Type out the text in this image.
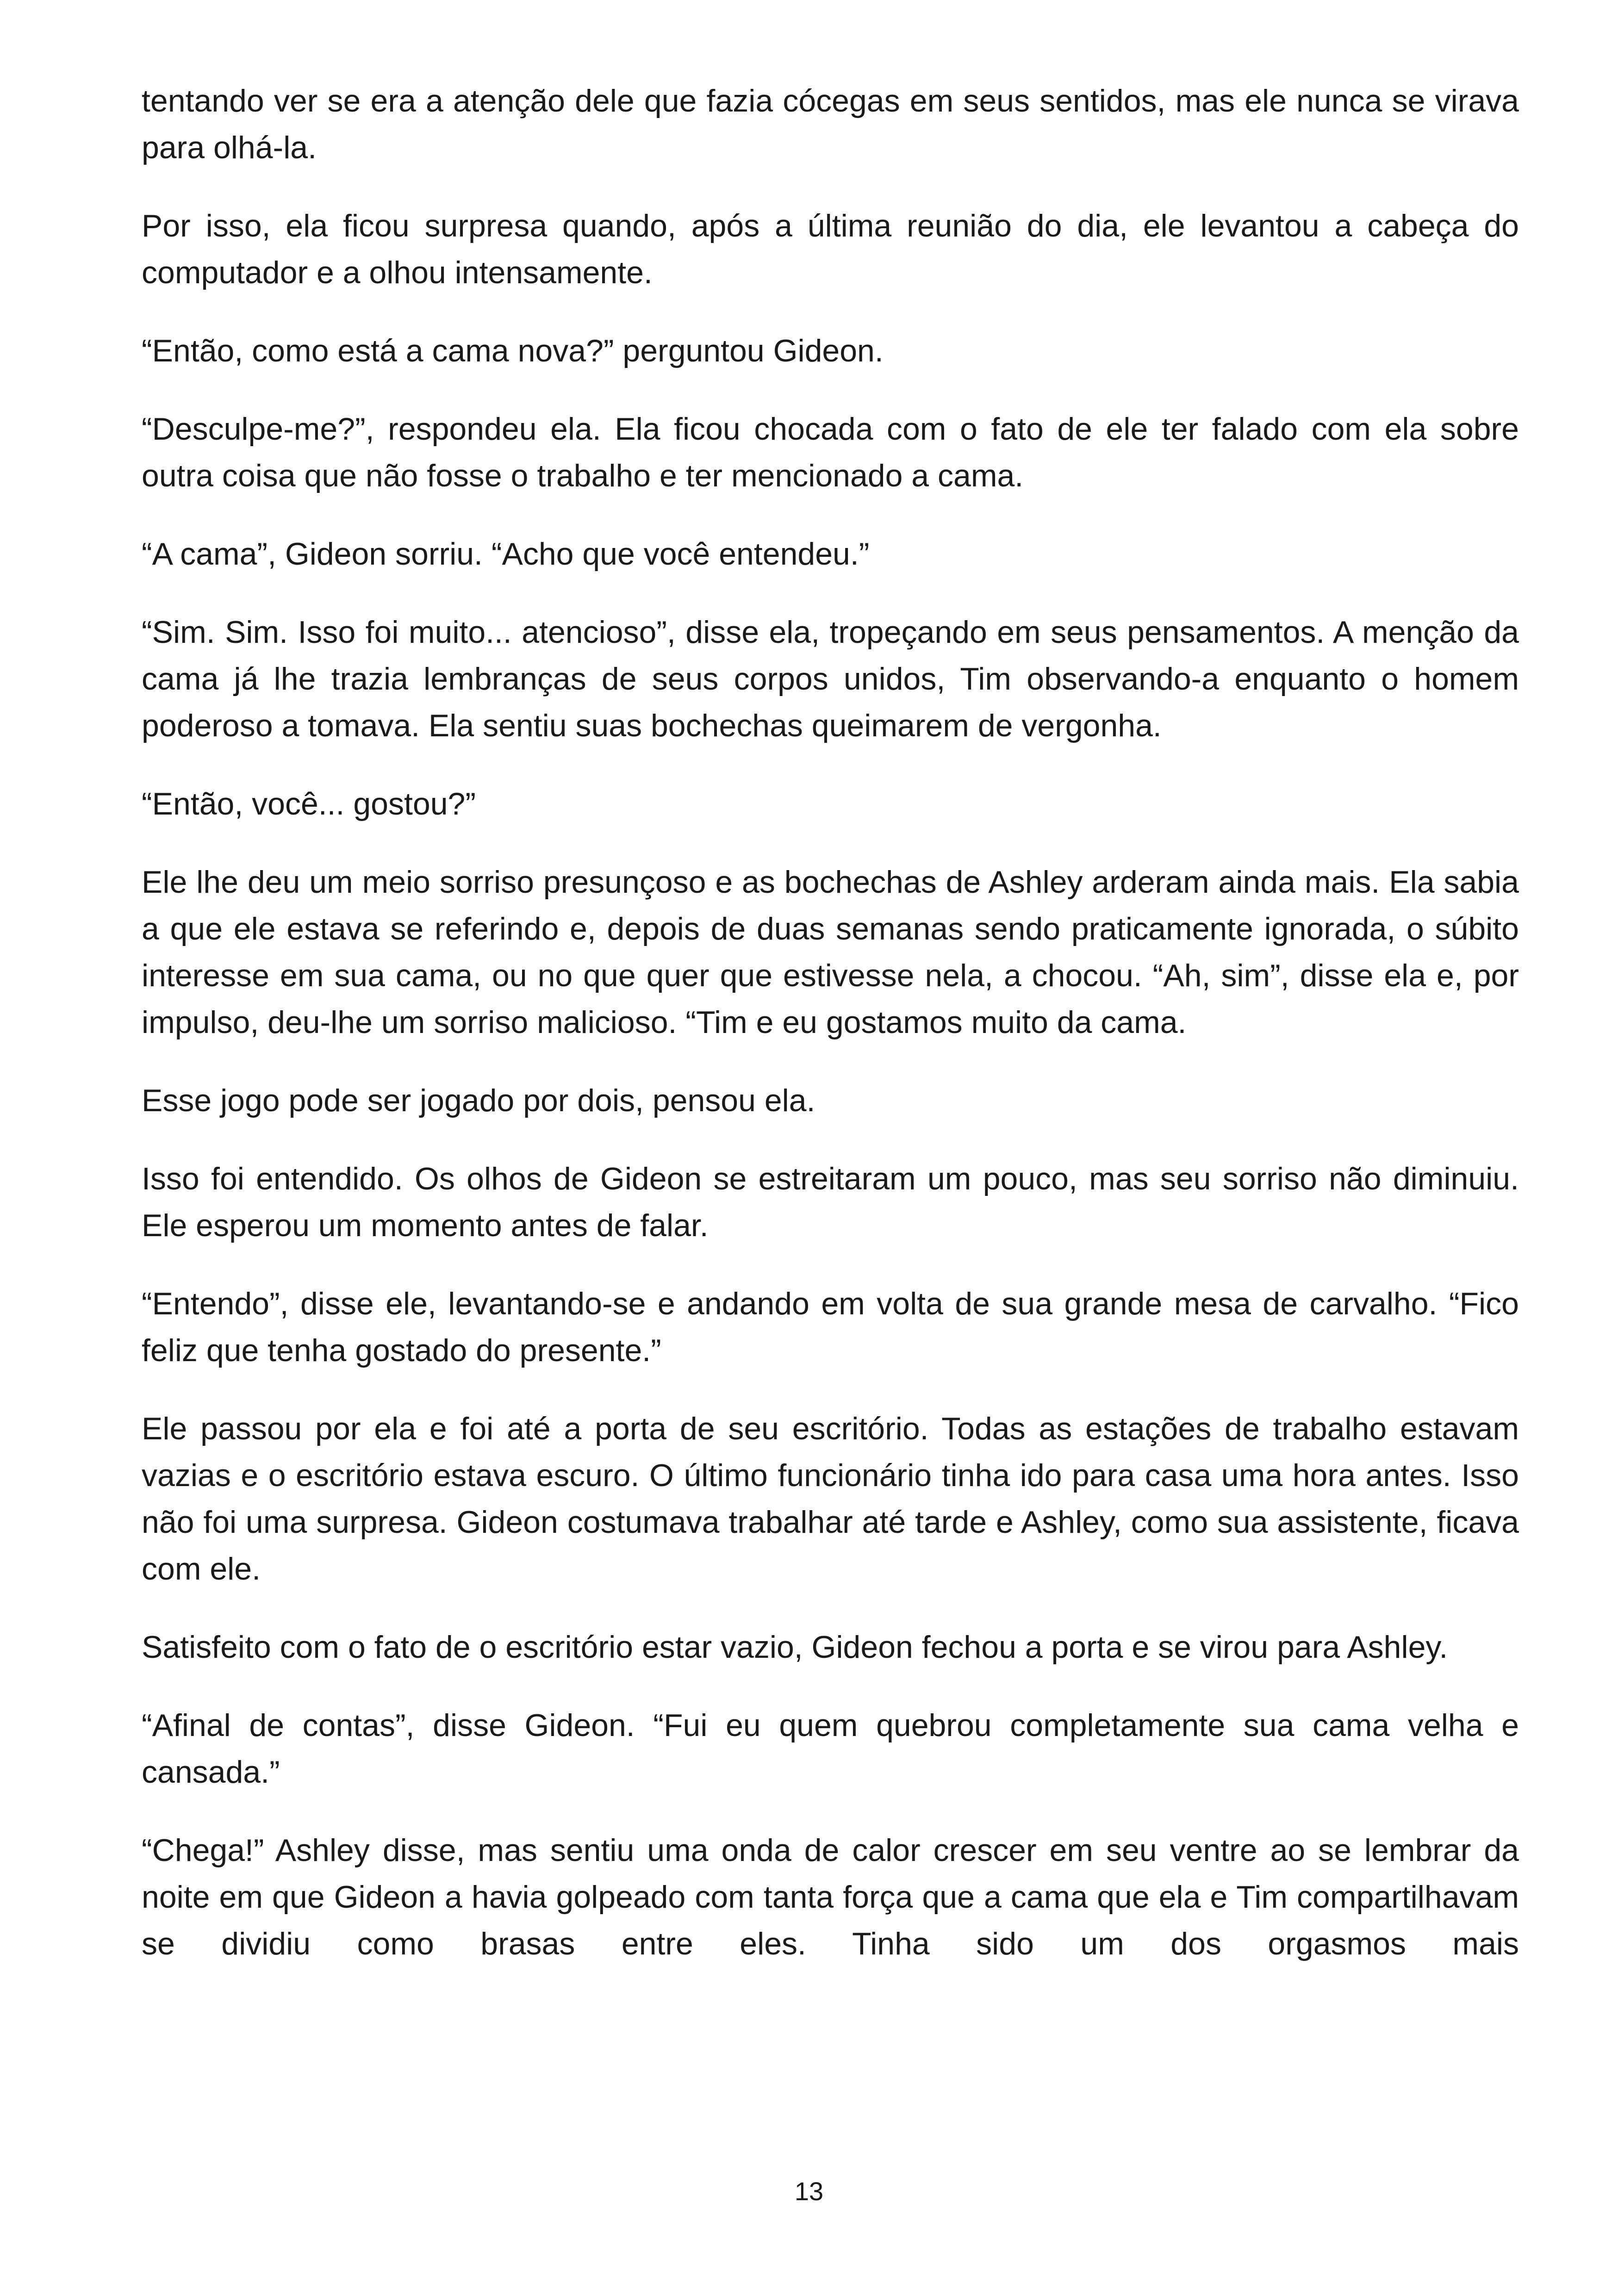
tentando ver se era a atenção dele que fazia cócegas em seus sentidos, mas ele nunca se virava para olhá-la.

Por isso, ela ficou surpresa quando, após a última reunião do dia, ele levantou a cabeça do computador e a olhou intensamente.

“Então, como está a cama nova?” perguntou Gideon.

“Desculpe-me?”, respondeu ela. Ela ficou chocada com o fato de ele ter falado com ela sobre outra coisa que não fosse o trabalho e ter mencionado a cama.

“A cama”, Gideon sorriu. “Acho que você entendeu.”

“Sim. Sim. Isso foi muito... atencioso”, disse ela, tropeçando em seus pensamentos. A menção da cama já lhe trazia lembranças de seus corpos unidos, Tim observando-a enquanto o homem poderoso a tomava. Ela sentiu suas bochechas queimarem de vergonha.

“Então, você... gostou?”

Ele lhe deu um meio sorriso presunçoso e as bochechas de Ashley arderam ainda mais. Ela sabia a que ele estava se referindo e, depois de duas semanas sendo praticamente ignorada, o súbito interesse em sua cama, ou no que quer que estivesse nela, a chocou. “Ah, sim”, disse ela e, por impulso, deu-lhe um sorriso malicioso. “Tim e eu gostamos muito da cama.

Esse jogo pode ser jogado por dois, pensou ela.

Isso foi entendido. Os olhos de Gideon se estreitaram um pouco, mas seu sorriso não diminuiu. Ele esperou um momento antes de falar.

“Entendo”, disse ele, levantando-se e andando em volta de sua grande mesa de carvalho. “Fico feliz que tenha gostado do presente.”

Ele passou por ela e foi até a porta de seu escritório. Todas as estações de trabalho estavam vazias e o escritório estava escuro. O último funcionário tinha ido para casa uma hora antes. Isso não foi uma surpresa. Gideon costumava trabalhar até tarde e Ashley, como sua assistente, ficava com ele.

Satisfeito com o fato de o escritório estar vazio, Gideon fechou a porta e se virou para Ashley.

“Afinal de contas”, disse Gideon. “Fui eu quem quebrou completamente sua cama velha e cansada.”

“Chega!” Ashley disse, mas sentiu uma onda de calor crescer em seu ventre ao se lembrar da noite em que Gideon a havia golpeado com tanta força que a cama que ela e Tim compartilhavam se dividiu como brasas entre eles. Tinha sido um dos orgasmos mais

13
